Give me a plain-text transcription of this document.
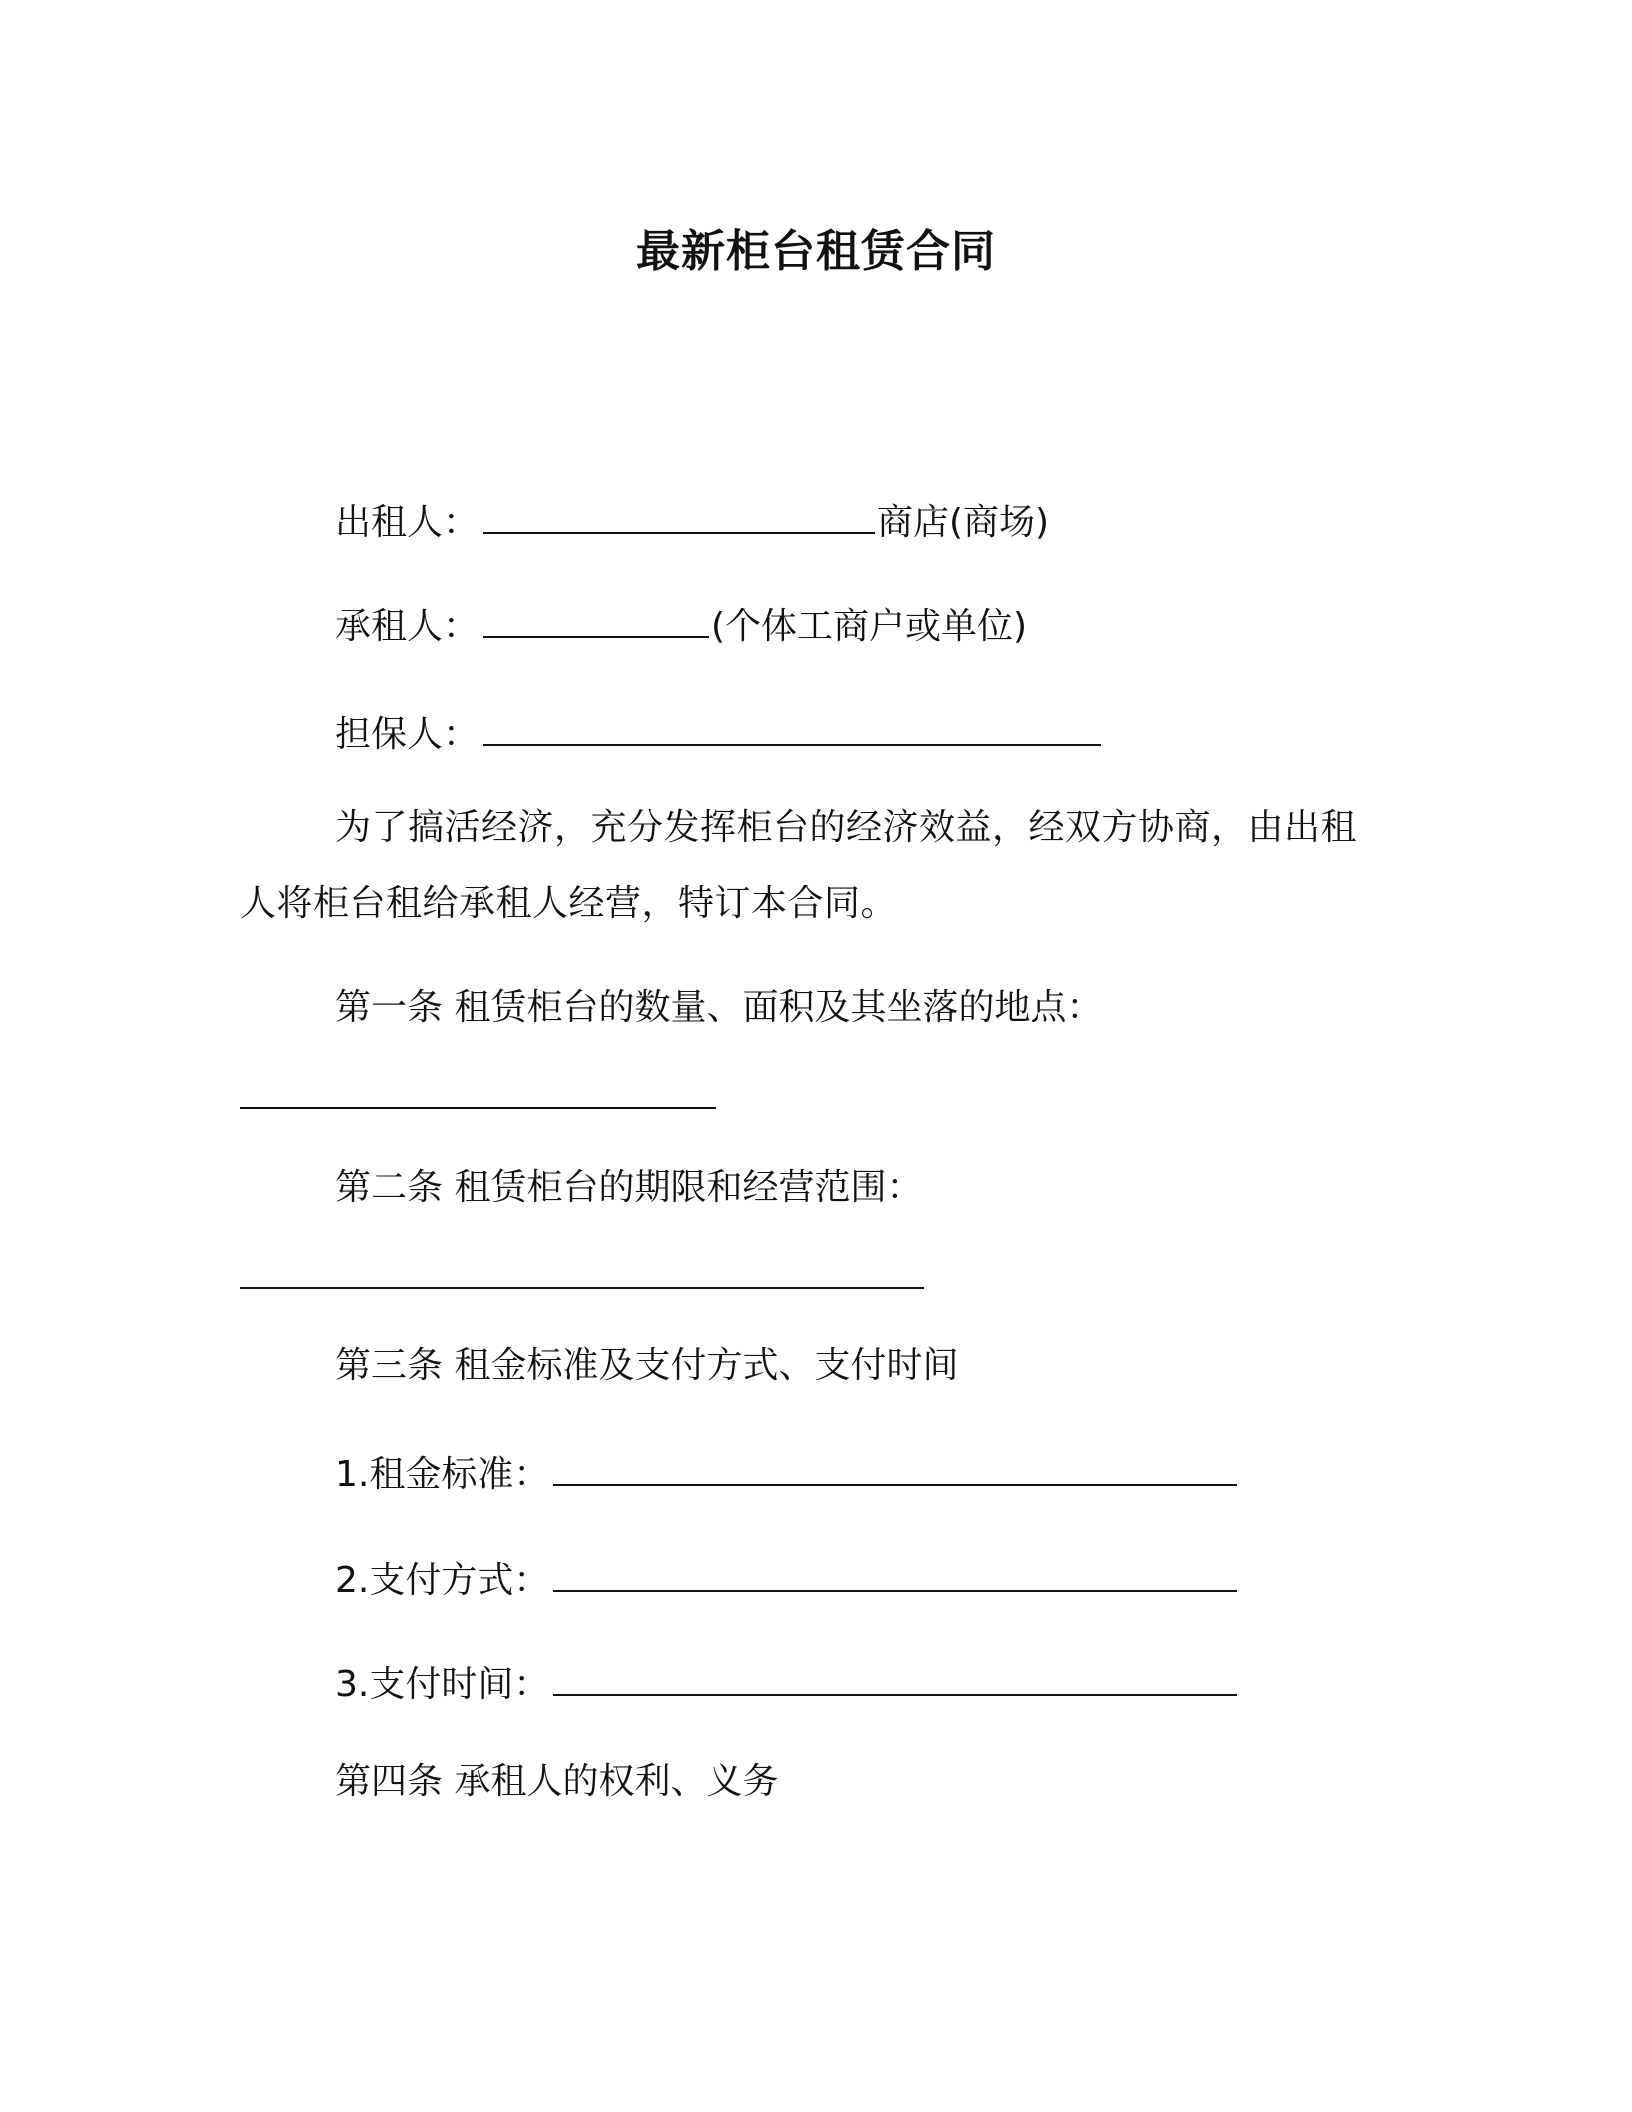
最新柜台租赁合同
出租人：	商店(商场)
承租人：	(个体工商户或单位)
担保人：
为了搞活经济，充分发挥柜台的经济效益，经双方协商，由出租人将柜台租给承租人经营，特订本合同。
第一条 租赁柜台的数量、面积及其坐落的地点：
第二条 租赁柜台的期限和经营范围：
第三条 租金标准及支付方式、支付时间
1.租金标准：
2.支付方式：
3.支付时间：
第四条 承租人的权利、义务
